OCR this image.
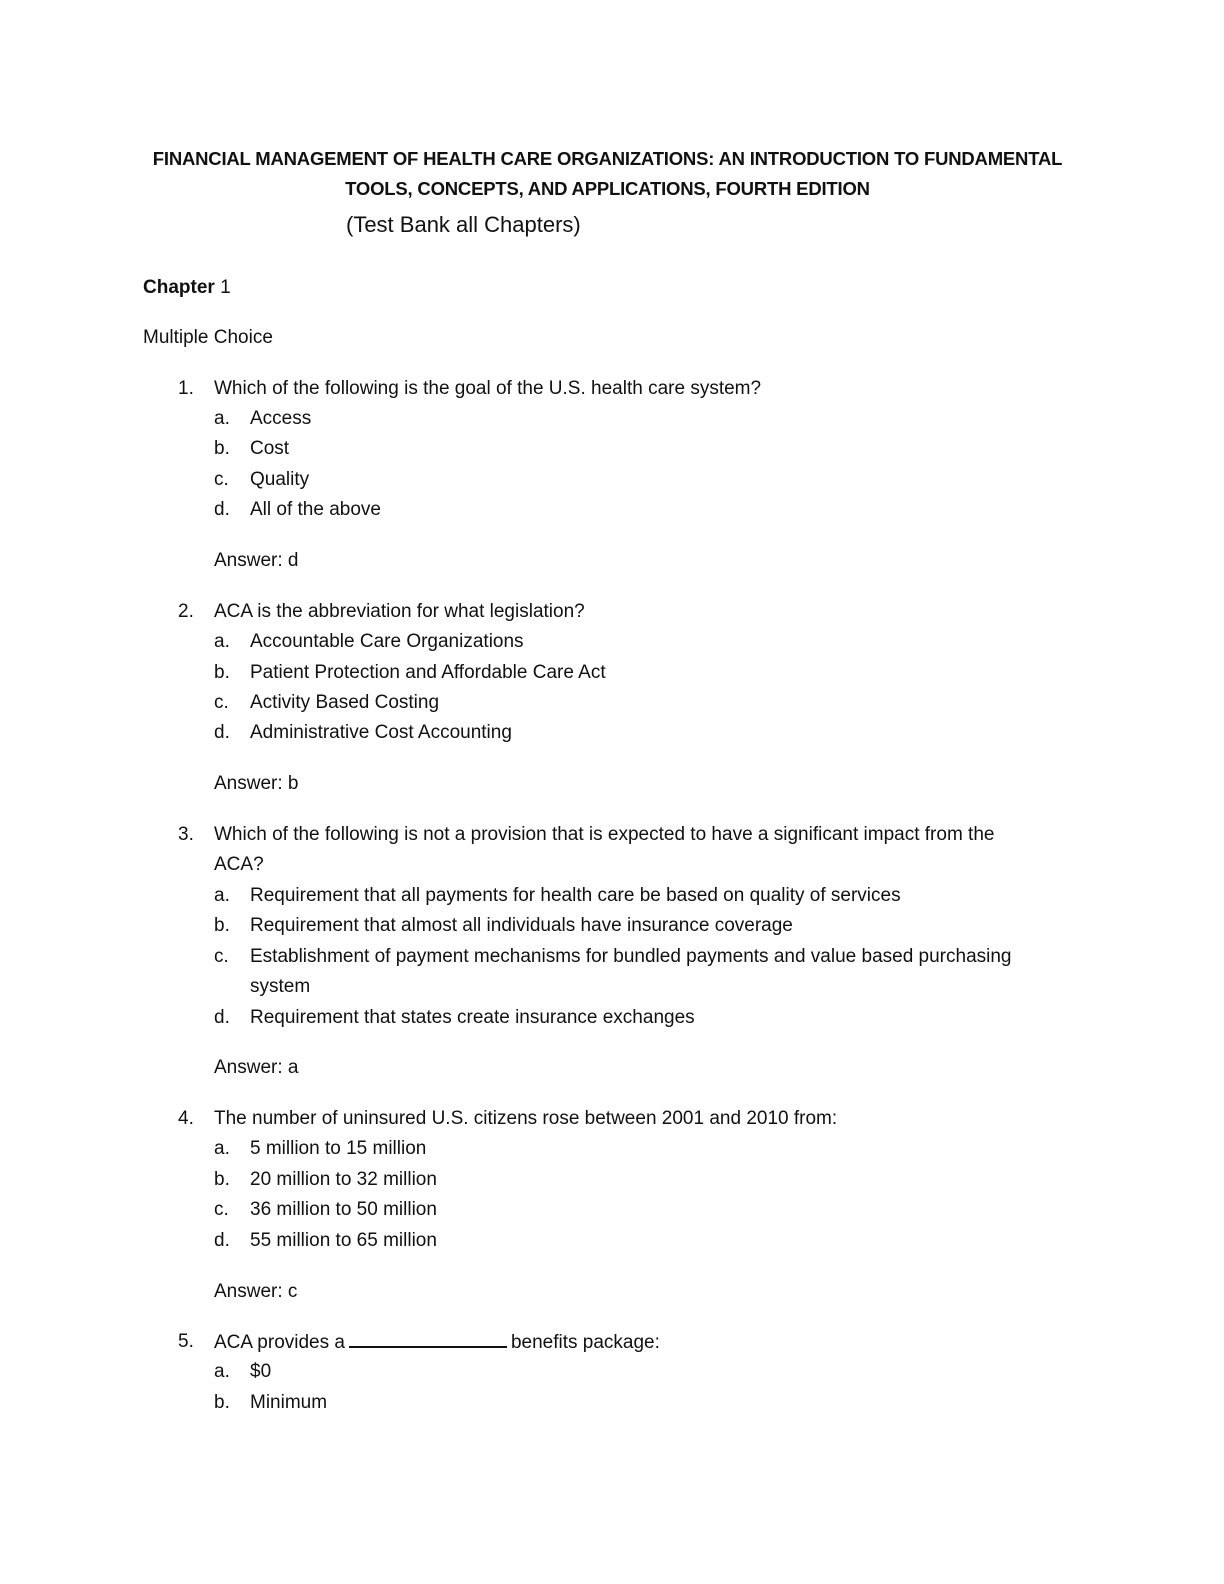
FINANCIAL MANAGEMENT OF HEALTH CARE ORGANIZATIONS: AN INTRODUCTION TO FUNDAMENTAL
TOOLS, CONCEPTS, AND APPLICATIONS, FOURTH EDITION
(Test Bank all Chapters)
Chapter 1
Multiple Choice
1. Which of the following is the goal of the U.S. health care system?
a. Access
b. Cost
c. Quality
d. All of the above
Answer: d
2. ACA is the abbreviation for what legislation?
a. Accountable Care Organizations
b. Patient Protection and Affordable Care Act
c. Activity Based Costing
d. Administrative Cost Accounting
Answer: b
3. Which of the following is not a provision that is expected to have a significant impact from the
ACA?
a. Requirement that all payments for health care be based on quality of services
b. Requirement that almost all individuals have insurance coverage
c. Establishment of payment mechanisms for bundled payments and value based purchasing
system
d. Requirement that states create insurance exchanges
Answer: a
4. The number of uninsured U.S. citizens rose between 2001 and 2010 from:
a. 5 million to 15 million
b. 20 million to 32 million
c. 36 million to 50 million
d. 55 million to 65 million
Answer: c
5. ACA provides a	benefits package:
a. $0
b. Minimum
